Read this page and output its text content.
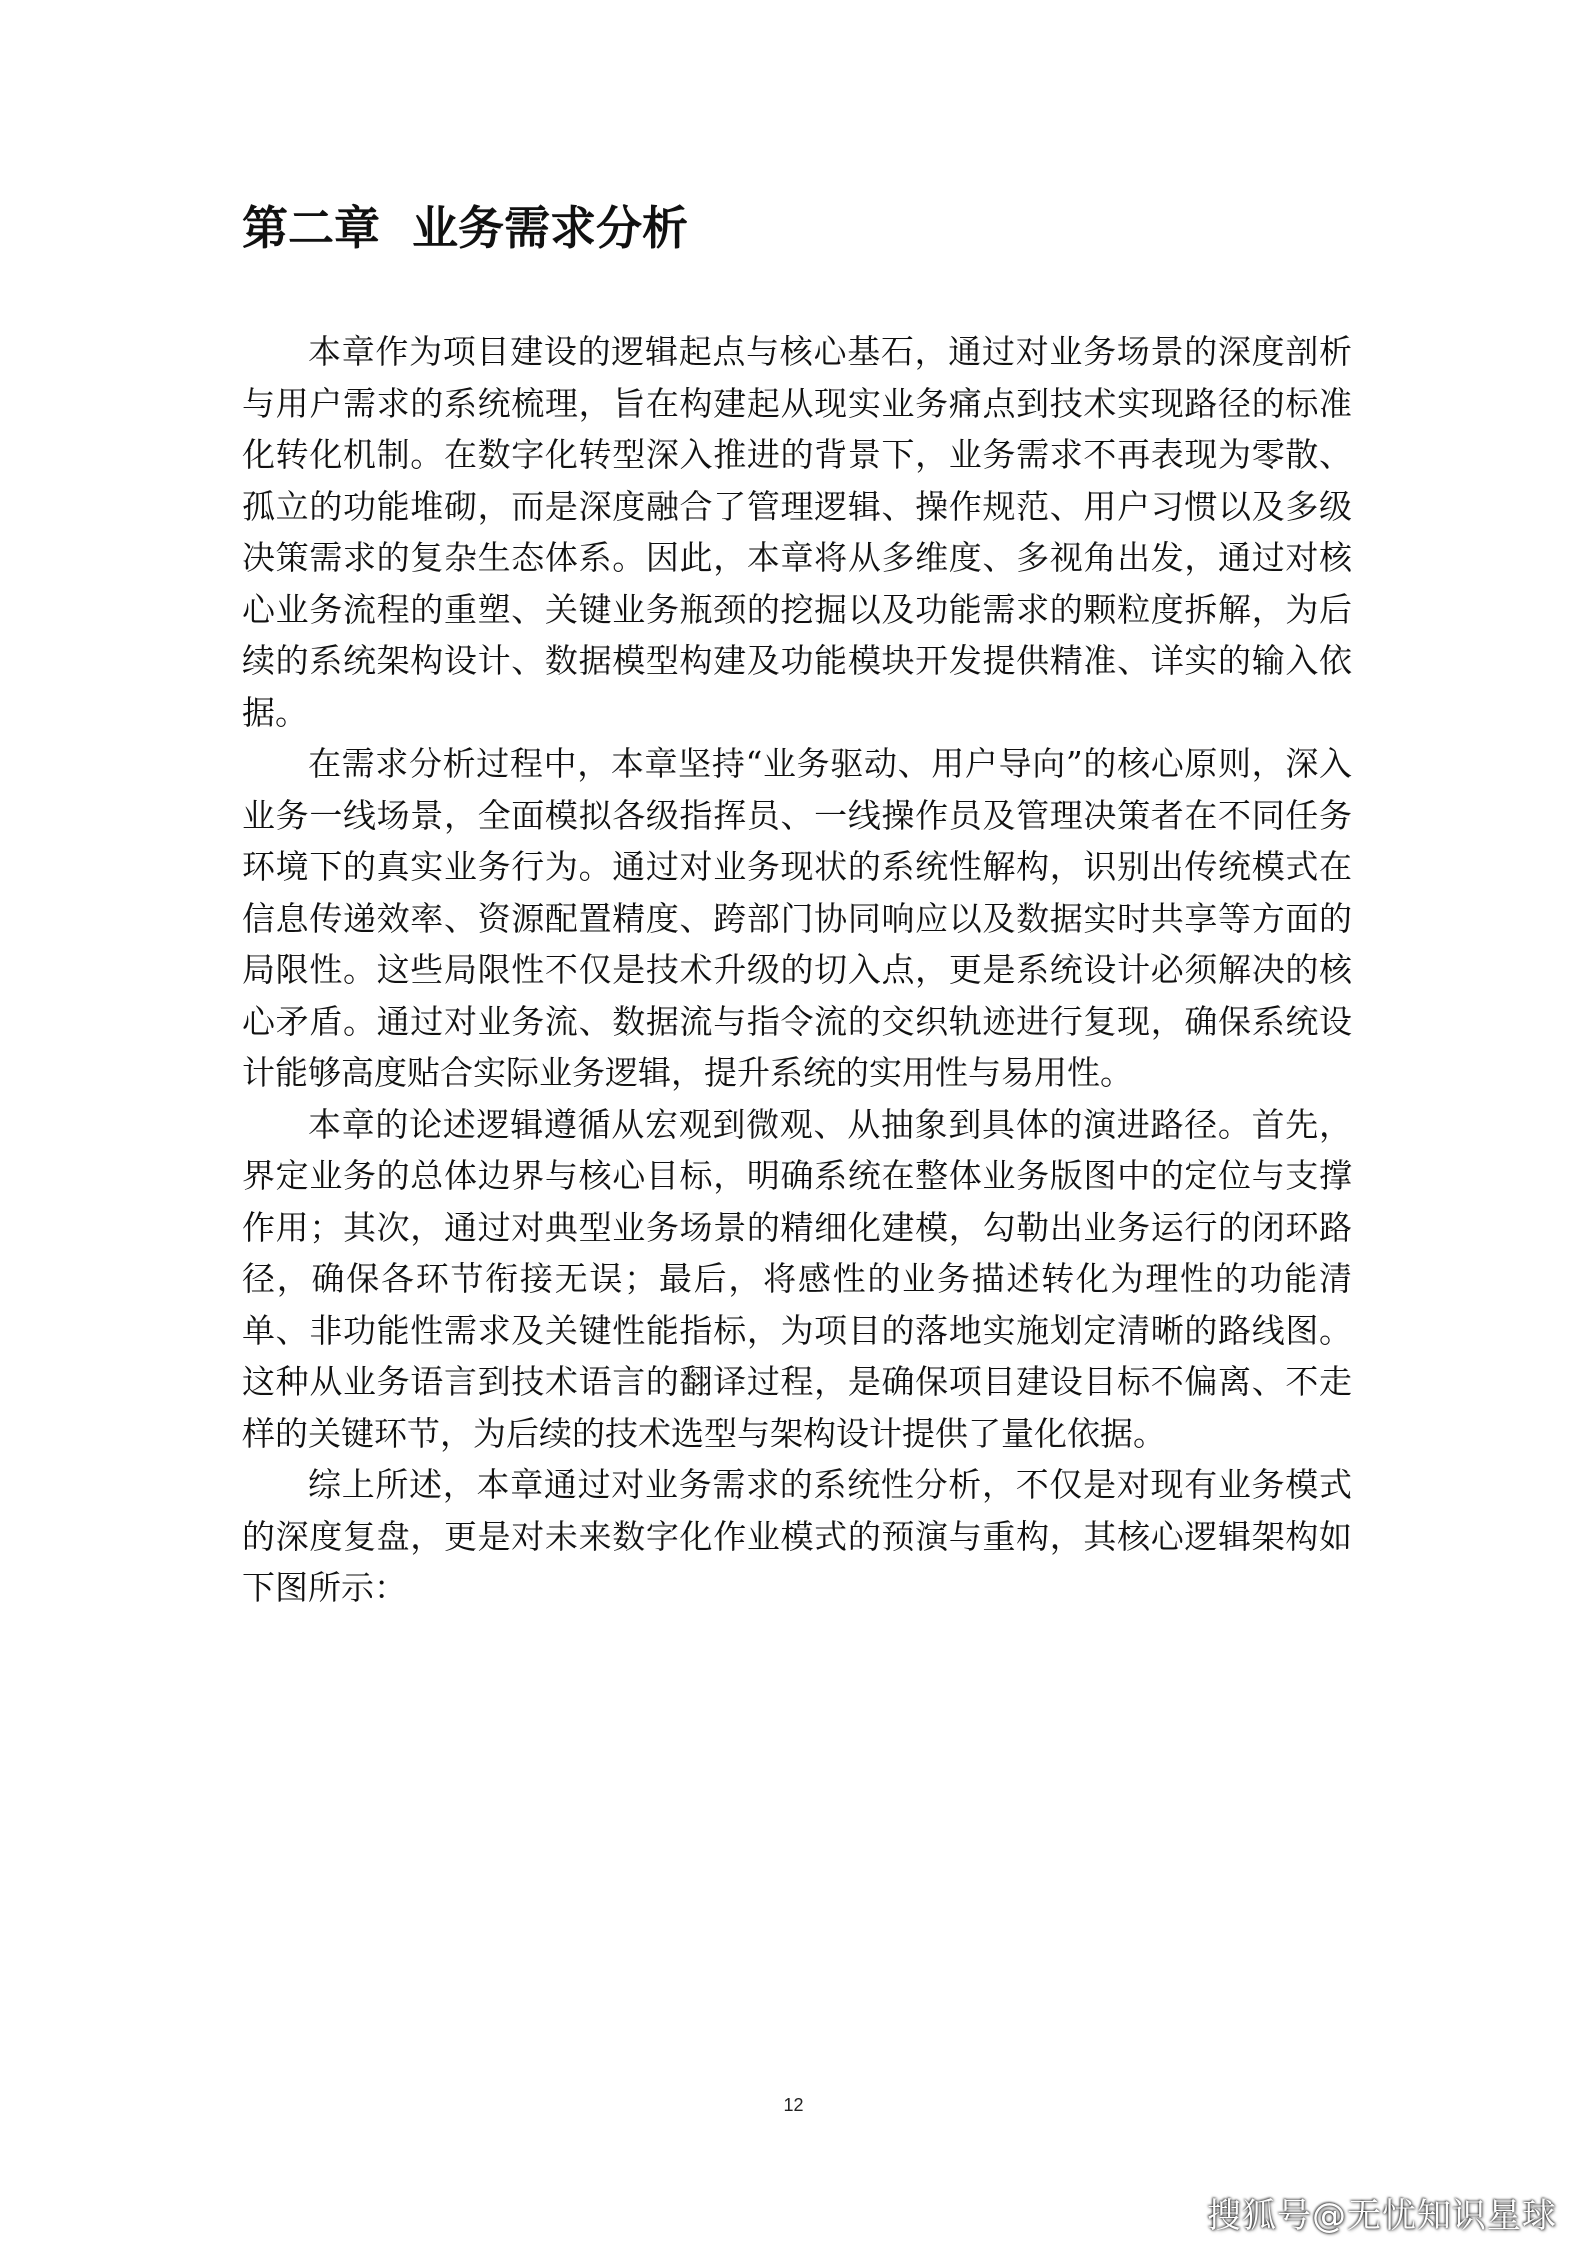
第二章  业务需求分析

本章作为项目建设的逻辑起点与核心基石，通过对业务场景的深度剖析与用户需求的系统梳理，旨在构建起从现实业务痛点到技术实现路径的标准化转化机制。在数字化转型深入推进的背景下，业务需求不再表现为零散、孤立的功能堆砌，而是深度融合了管理逻辑、操作规范、用户习惯以及多级决策需求的复杂生态体系。因此，本章将从多维度、多视角出发，通过对核心业务流程的重塑、关键业务瓶颈的挖掘以及功能需求的颗粒度拆解，为后续的系统架构设计、数据模型构建及功能模块开发提供精准、详实的输入依据。

在需求分析过程中，本章坚持“业务驱动、用户导向”的核心原则，深入业务一线场景，全面模拟各级指挥员、一线操作员及管理决策者在不同任务环境下的真实业务行为。通过对业务现状的系统性解构，识别出传统模式在信息传递效率、资源配置精度、跨部门协同响应以及数据实时共享等方面的局限性。这些局限性不仅是技术升级的切入点，更是系统设计必须解决的核心矛盾。通过对业务流、数据流与指令流的交织轨迹进行复现，确保系统设计能够高度贴合实际业务逻辑，提升系统的实用性与易用性。

本章的论述逻辑遵循从宏观到微观、从抽象到具体的演进路径。首先，界定业务的总体边界与核心目标，明确系统在整体业务版图中的定位与支撑作用；其次，通过对典型业务场景的精细化建模，勾勒出业务运行的闭环路径，确保各环节衔接无误；最后，将感性的业务描述转化为理性的功能清单、非功能性需求及关键性能指标，为项目的落地实施划定清晰的路线图。这种从业务语言到技术语言的翻译过程，是确保项目建设目标不偏离、不走样的关键环节，为后续的技术选型与架构设计提供了量化依据。

综上所述，本章通过对业务需求的系统性分析，不仅是对现有业务模式的深度复盘，更是对未来数字化作业模式的预演与重构，其核心逻辑架构如下图所示：

12
搜狐号@无忧知识星球
